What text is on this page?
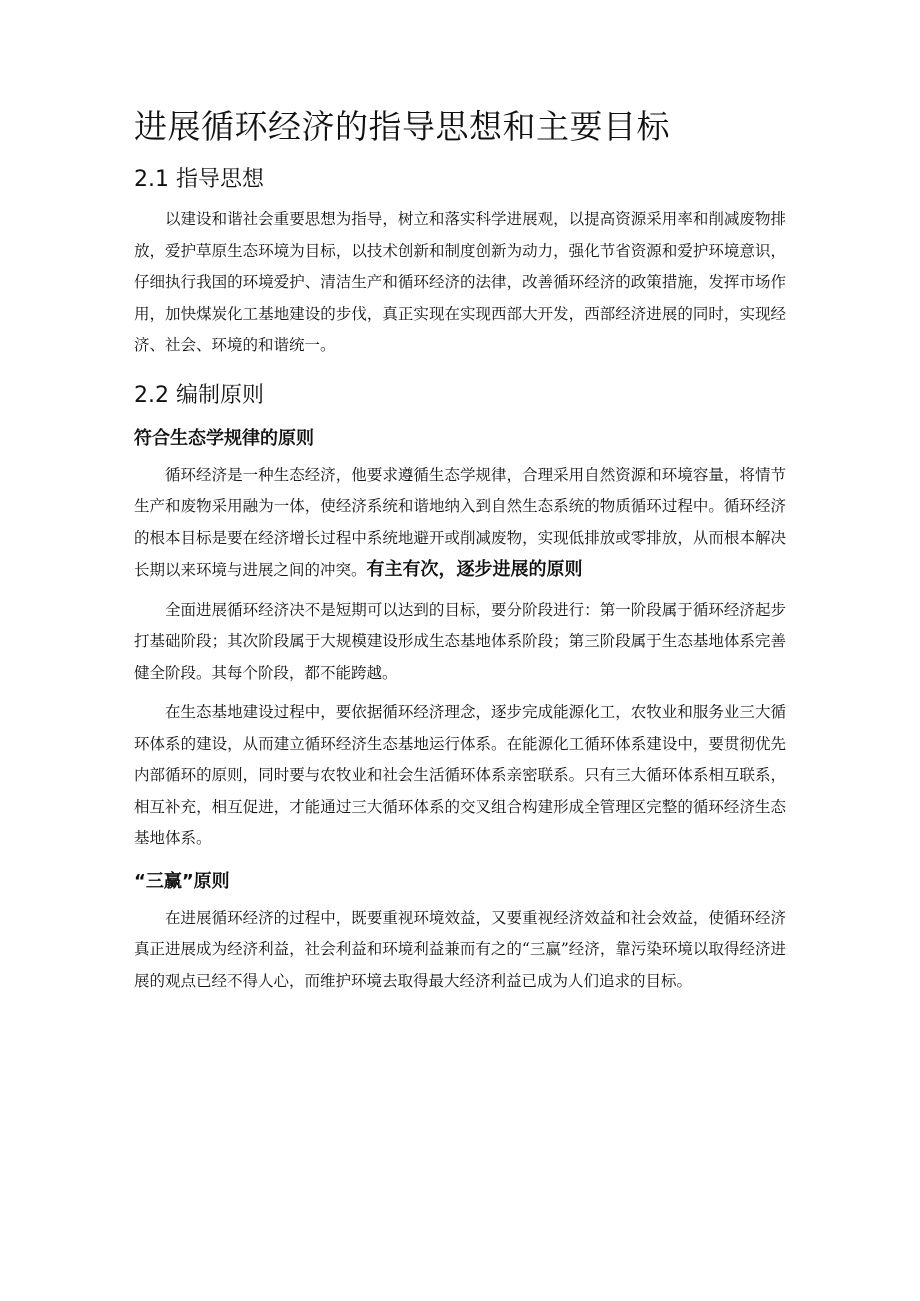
进展循环经济的指导思想和主要目标
2.1 指导思想

以建设和谐社会重要思想为指导，树立和落实科学进展观，以提高资源采用率和削减废物排放，爱护草原生态环境为目标，以技术创新和制度创新为动力，强化节省资源和爱护环境意识，仔细执行我国的环境爱护、清洁生产和循环经济的法律，改善循环经济的政策措施，发挥市场作用，加快煤炭化工基地建设的步伐，真正实现在实现西部大开发，西部经济进展的同时，实现经济、社会、环境的和谐统一。

2.2 编制原则
符合生态学规律的原则

循环经济是一种生态经济，他要求遵循生态学规律，合理采用自然资源和环境容量，将情节生产和废物采用融为一体，使经济系统和谐地纳入到自然生态系统的物质循环过程中。循环经济的根本目标是要在经济增长过程中系统地避开或削减废物，实现低排放或零排放，从而根本解决长期以来环境与进展之间的冲突。有主有次，逐步进展的原则

全面进展循环经济决不是短期可以达到的目标，要分阶段进行：第一阶段属于循环经济起步打基础阶段；其次阶段属于大规模建设形成生态基地体系阶段；第三阶段属于生态基地体系完善健全阶段。其每个阶段，都不能跨越。

在生态基地建设过程中，要依据循环经济理念，逐步完成能源化工，农牧业和服务业三大循环体系的建设，从而建立循环经济生态基地运行体系。在能源化工循环体系建设中，要贯彻优先内部循环的原则，同时要与农牧业和社会生活循环体系亲密联系。只有三大循环体系相互联系，相互补充，相互促进，才能通过三大循环体系的交叉组合构建形成全管理区完整的循环经济生态基地体系。

“三赢”原则

在进展循环经济的过程中，既要重视环境效益，又要重视经济效益和社会效益，使循环经济真正进展成为经济利益，社会利益和环境利益兼而有之的“三赢”经济，靠污染环境以取得经济进展的观点已经不得人心，而维护环境去取得最大经济利益已成为人们追求的目标。
